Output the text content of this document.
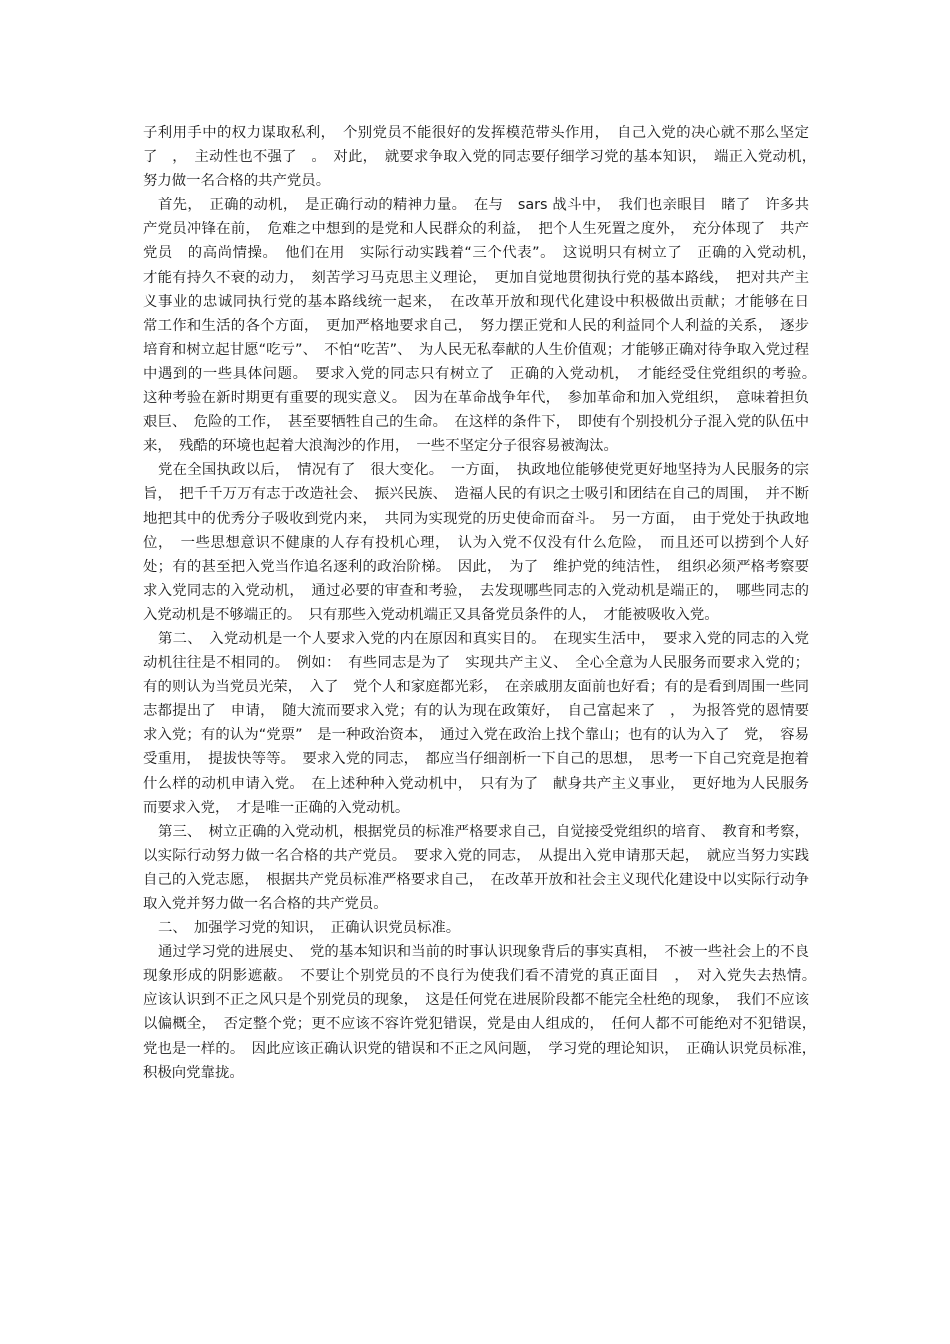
子利用手中的权力谋取私利，　个别党员不能很好的发挥模范带头作用，　自己入党的决心就不那么坚定了　，　主动性也不强了　。　对此，　就要求争取入党的同志要仔细学习党的基本知识，　端正入党动机，　努力做一名合格的共产党员。

首先，　正确的动机，　是正确行动的精神力量。　在与　sars 战斗中，　我们也亲眼目　睹了　许多共产党员冲锋在前，　危难之中想到的是党和人民群众的利益，　把个人生死置之度外，　充分体现了　共产党员　的高尚情操。　他们在用　实际行动实践着“三个代表”。　这说明只有树立了　正确的入党动机，　才能有持久不衰的动力，　刻苦学习马克思主义理论，　更加自觉地贯彻执行党的基本路线，　把对共产主义事业的忠诚同执行党的基本路线统一起来，　在改革开放和现代化建设中积极做出贡献；才能够在日　常工作和生活的各个方面，　更加严格地要求自己，　努力摆正党和人民的利益同个人利益的关系，　逐步培育和树立起甘愿“吃亏”、　不怕“吃苦”、　为人民无私奉献的人生价值观；才能够正确对待争取入党过程中遇到的一些具体问题。　要求入党的同志只有树立了　正确的入党动机，　才能经受住党组织的考验。　这种考验在新时期更有重要的现实意义。　因为在革命战争年代，　参加革命和加入党组织，　意味着担负艰巨、　危险的工作，　甚至要牺牲自己的生命。　在这样的条件下，　即使有个别投机分子混入党的队伍中来，　残酷的环境也起着大浪淘沙的作用，　一些不坚定分子很容易被淘汰。

党在全国执政以后，　情况有了　很大变化。　一方面，　执政地位能够使党更好地坚持为人民服务的宗旨，　把千千万万有志于改造社会、　振兴民族、　造福人民的有识之士吸引和团结在自己的周围，　并不断地把其中的优秀分子吸收到党内来，　共同为实现党的历史使命而奋斗。　另一方面，　由于党处于执政地位，　一些思想意识不健康的人存有投机心理，　认为入党不仅没有什么危险，　而且还可以捞到个人好处；有的甚至把入党当作追名逐利的政治阶梯。　因此，　为了　维护党的纯洁性，　组织必须严格考察要求入党同志的入党动机，　通过必要的审查和考验，　去发现哪些同志的入党动机是端正的，　哪些同志的入党动机是不够端正的。　只有那些入党动机端正又具备党员条件的人，　才能被吸收入党。

第二、　入党动机是一个人要求入党的内在原因和真实目的。　在现实生活中，　要求入党的同志的入党动机往往是不相同的。　例如：　有些同志是为了　实现共产主义、　全心全意为人民服务而要求入党的；有的则认为当党员光荣，　入了　党个人和家庭都光彩，　在亲戚朋友面前也好看；有的是看到周围一些同志都提出了　申请，　随大流而要求入党；有的认为现在政策好，　自己富起来了　，　为报答党的恩情要求入党；有的认为“党票”　是一种政治资本，　通过入党在政治上找个靠山；也有的认为入了　党，　容易受重用，　提拔快等等。　要求入党的同志，　都应当仔细剖析一下自己的思想，　思考一下自己究竟是抱着什么样的动机申请入党。　在上述种种入党动机中，　只有为了　献身共产主义事业，　更好地为人民服务而要求入党，　才是唯一正确的入党动机。

第三、　树立正确的入党动机，根据党员的标准严格要求自己，自觉接受党组织的培育、　教育和考察，以实际行动努力做一名合格的共产党员。　要求入党的同志，　从提出入党申请那天起，　就应当努力实践自己的入党志愿，　根据共产党员标准严格要求自己，　在改革开放和社会主义现代化建设中以实际行动争取入党并努力做一名合格的共产党员。

二、　加强学习党的知识，　正确认识党员标准。

通过学习党的进展史、　党的基本知识和当前的时事认识现象背后的事实真相，　不被一些社会上的不良现象形成的阴影遮蔽。　不要让个别党员的不良行为使我们看不清党的真正面目　，　对入党失去热情。　应该认识到不正之风只是个别党员的现象，　这是任何党在进展阶段都不能完全杜绝的现象，　我们不应该以偏概全，　否定整个党；更不应该不容许党犯错误，党是由人组成的，　任何人都不可能绝对不犯错误，　党也是一样的。　因此应该正确认识党的错误和不正之风问题，　学习党的理论知识，　正确认识党员标准，　积极向党靠拢。
